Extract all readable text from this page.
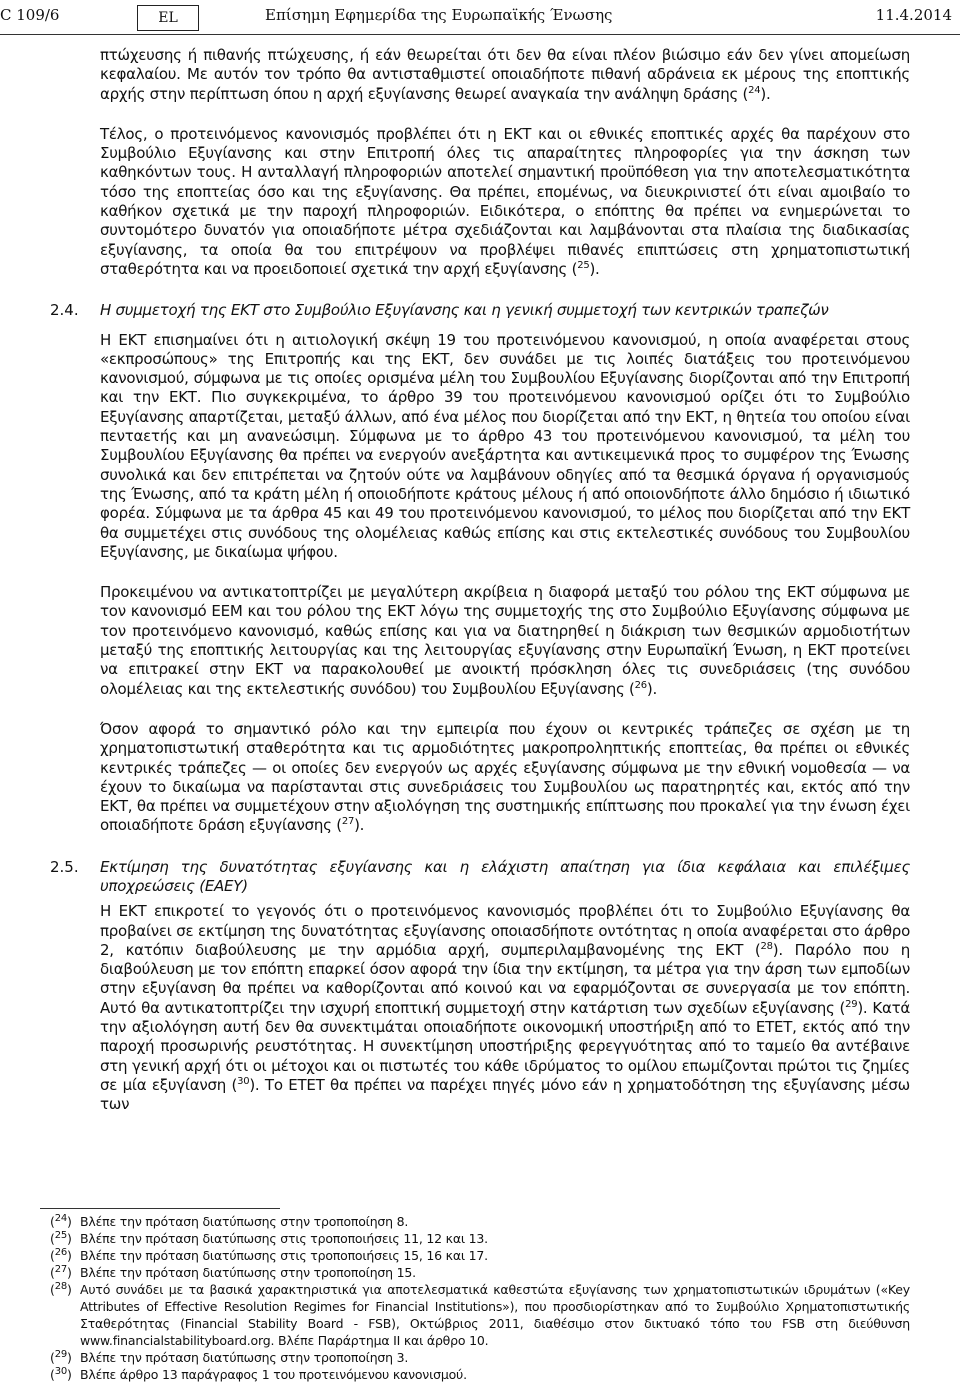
C 109/6	EL	Επίσημη Εφημερίδα της Ευρωπαϊκής Ένωσης	11.4.2014

πτώχευσης ή πιθανής πτώχευσης, ή εάν θεωρείται ότι δεν θα είναι πλέον βιώσιμο εάν δεν γίνει απομείωση κεφαλαίου. Με αυτόν τον τρόπο θα αντισταθμιστεί οποιαδήποτε πιθανή αδράνεια εκ μέρους της εποπτικής αρχής στην περίπτωση όπου η αρχή εξυγίανσης θεωρεί αναγκαία την ανάληψη δράσης ($^{24}$).

Τέλος, ο προτεινόμενος κανονισμός προβλέπει ότι η ΕΚΤ και οι εθνικές εποπτικές αρχές θα παρέχουν στο Συμβούλιο Εξυγίανσης και στην Επιτροπή όλες τις απαραίτητες πληροφορίες για την άσκηση των καθηκόντων τους. Η ανταλλαγή πληροφοριών αποτελεί σημαντική προϋπόθεση για την αποτελεσματικότητα τόσο της εποπτείας όσο και της εξυγίανσης. Θα πρέπει, επομένως, να διευκρινιστεί ότι είναι αμοιβαίο το καθήκον σχετικά με την παροχή πληροφοριών. Ειδικότερα, ο επόπτης θα πρέπει να ενημερώνεται το συντομότερο δυνατόν για οποιαδήποτε μέτρα σχεδιάζονται και λαμβάνονται στα πλαίσια της διαδικασίας εξυγίανσης, τα οποία θα του επιτρέψουν να προβλέψει πιθανές επιπτώσεις στη χρηματοπιστωτική σταθερότητα και να προειδοποιεί σχετικά την αρχή εξυγίανσης ($^{25}$).

2.4. Η συμμετοχή της ΕΚΤ στο Συμβούλιο Εξυγίανσης και η γενική συμμετοχή των κεντρικών τραπεζών

Η ΕΚΤ επισημαίνει ότι η αιτιολογική σκέψη 19 του προτεινόμενου κανονισμού, η οποία αναφέρεται στους «εκπροσώπους» της Επιτροπής και της ΕΚΤ, δεν συνάδει με τις λοιπές διατάξεις του προτεινόμενου κανονισμού, σύμφωνα με τις οποίες ορισμένα μέλη του Συμβουλίου Εξυγίανσης διορίζονται από την Επιτροπή και την ΕΚΤ. Πιο συγκεκριμένα, το άρθρο 39 του προτεινόμενου κανονισμού ορίζει ότι το Συμβούλιο Εξυγίανσης απαρτίζεται, μεταξύ άλλων, από ένα μέλος που διορίζεται από την ΕΚΤ, η θητεία του οποίου είναι πενταετής και μη ανανεώσιμη. Σύμφωνα με το άρθρο 43 του προτεινόμενου κανονισμού, τα μέλη του Συμβουλίου Εξυγίανσης θα πρέπει να ενεργούν ανεξάρτητα και αντικειμενικά προς το συμφέρον της Ένωσης συνολικά και δεν επιτρέπεται να ζητούν ούτε να λαμβάνουν οδηγίες από τα θεσμικά όργανα ή οργανισμούς της Ένωσης, από τα κράτη μέλη ή οποιοδήποτε κράτους μέλους ή από οποιονδήποτε άλλο δημόσιο ή ιδιωτικό φορέα. Σύμφωνα με τα άρθρα 45 και 49 του προτεινόμενου κανονισμού, το μέλος που διορίζεται από την ΕΚΤ θα συμμετέχει στις συνόδους της ολομέλειας καθώς επίσης και στις εκτελεστικές συνόδους του Συμβουλίου Εξυγίανσης, με δικαίωμα ψήφου.

Προκειμένου να αντικατοπτρίζει με μεγαλύτερη ακρίβεια η διαφορά μεταξύ του ρόλου της ΕΚΤ σύμφωνα με τον κανονισμό ΕΕΜ και του ρόλου της ΕΚΤ λόγω της συμμετοχής της στο Συμβούλιο Εξυγίανσης σύμφωνα με τον προτεινόμενο κανονισμό, καθώς επίσης και για να διατηρηθεί η διάκριση των θεσμικών αρμοδιοτήτων μεταξύ της εποπτικής λειτουργίας και της λειτουργίας εξυγίανσης στην Ευρωπαϊκή Ένωση, η ΕΚΤ προτείνει να επιτρακεί στην ΕΚΤ να παρακολουθεί με ανοικτή πρόσκληση όλες τις συνεδριάσεις (της συνόδου ολομέλειας και της εκτελεστικής συνόδου) του Συμβουλίου Εξυγίανσης ($^{26}$).

Όσον αφορά το σημαντικό ρόλο και την εμπειρία που έχουν οι κεντρικές τράπεζες σε σχέση με τη χρηματοπιστωτική σταθερότητα και τις αρμοδιότητες μακροπροληπτικής εποπτείας, θα πρέπει οι εθνικές κεντρικές τράπεζες — οι οποίες δεν ενεργούν ως αρχές εξυγίανσης σύμφωνα με την εθνική νομοθεσία — να έχουν το δικαίωμα να παρίστανται στις συνεδριάσεις του Συμβουλίου ως παρατηρητές και, εκτός από την ΕΚΤ, θα πρέπει να συμμετέχουν στην αξιολόγηση της συστημικής επίπτωσης που προκαλεί για την ένωση έχει οποιαδήποτε δράση εξυγίανσης ($^{27}$).

2.5. Εκτίμηση της δυνατότητας εξυγίανσης και η ελάχιστη απαίτηση για ίδια κεφάλαια και επιλέξιμες υποχρεώσεις (ΕΑΕΥ)

Η ΕΚΤ επικροτεί το γεγονός ότι ο προτεινόμενος κανονισμός προβλέπει ότι το Συμβούλιο Εξυγίανσης θα προβαίνει σε εκτίμηση της δυνατότητας εξυγίανσης οποιασδήποτε οντότητας η οποία αναφέρεται στο άρθρο 2, κατόπιν διαβούλευσης με την αρμόδια αρχή, συμπεριλαμβανομένης της ΕΚΤ ($^{28}$). Παρόλο που η διαβούλευση με τον επόπτη επαρκεί όσον αφορά την ίδια την εκτίμηση, τα μέτρα για την άρση των εμποδίων στην εξυγίανση θα πρέπει να καθορίζονται από κοινού και να εφαρμόζονται σε συνεργασία με τον επόπτη. Αυτό θα αντικατοπτρίζει την ισχυρή εποπτική συμμετοχή στην κατάρτιση των σχεδίων εξυγίανσης ($^{29}$). Κατά την αξιολόγηση αυτή δεν θα συνεκτιμάται οποιαδήποτε οικονομική υποστήριξη από το ΕΤΕΤ, εκτός από την παροχή προσωρινής ρευστότητας. Η συνεκτίμηση υποστήριξης φερεγγυότητας από το ταμείο θα αντέβαινε στη γενική αρχή ότι οι μέτοχοι και οι πιστωτές του κάθε ιδρύματος το ομίλου επωμίζονται πρώτοι τις ζημίες σε μία εξυγίανση ($^{30}$). Το ΕΤΕΤ θα πρέπει να παρέχει πηγές μόνο εάν η χρηματοδότηση της εξυγίανσης μέσω των

($^{24}$) Βλέπε την πρόταση διατύπωσης στην τροποποίηση 8.

($^{25}$) Βλέπε την πρόταση διατύπωσης στις τροποποιήσεις 11, 12 και 13.

($^{26}$) Βλέπε την πρόταση διατύπωσης στις τροποποιήσεις 15, 16 και 17.

($^{27}$) Βλέπε την πρόταση διατύπωσης στην τροποποίηση 15.

($^{28}$) Αυτό συνάδει με τα βασικά χαρακτηριστικά για αποτελεσματικά καθεστώτα εξυγίανσης των χρηματοπιστωτικών ιδρυμάτων («Key Attributes of Effective Resolution Regimes for Financial Institutions»), που προσδιορίστηκαν από το Συμβούλιο Χρηματοπιστωτικής Σταθερότητας (Financial Stability Board - FSB), Οκτώβριος 2011, διαθέσιμο στον δικτυακό τόπο του FSB στη διεύθυνση www.financialstabilityboard.org. Βλέπε Παράρτημα ΙΙ και άρθρο 10.

($^{29}$) Βλέπε την πρόταση διατύπωσης στην τροποποίηση 3.

($^{30}$) Βλέπε άρθρο 13 παράγραφος 1 του προτεινόμενου κανονισμού.
